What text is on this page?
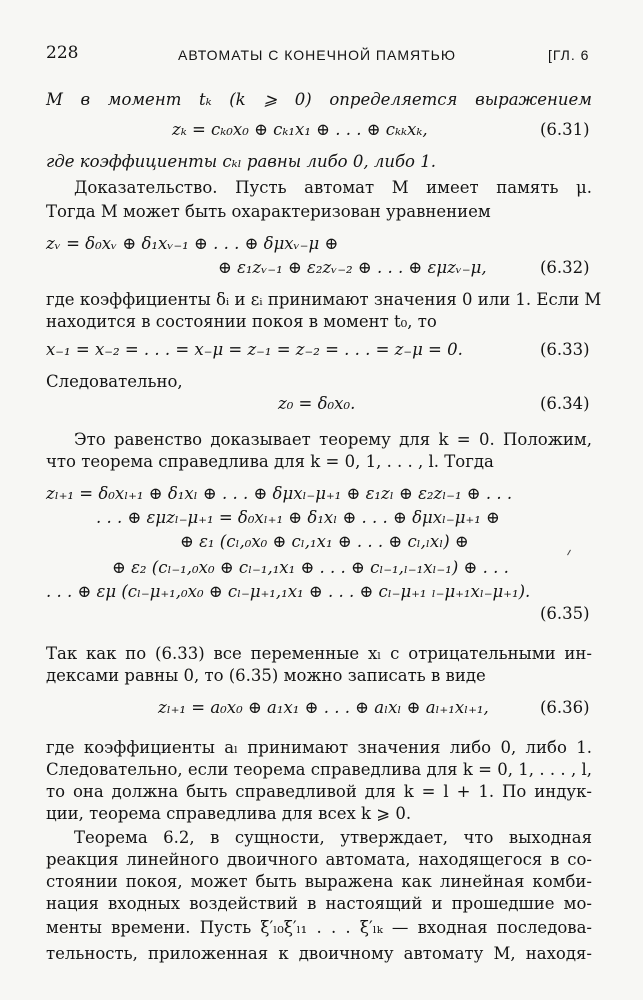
228	АВТОМАТЫ С КОНЕЧНОЙ ПАМЯТЬЮ	[ГЛ. 6
M в момент tₖ (k ⩾ 0) определяется выражением
zₖ = cₖ₀x₀ ⊕ cₖ₁x₁ ⊕ . . . ⊕ cₖₖxₖ,	(6.31)
где коэффициенты cₖₗ равны либо 0, либо 1.
Доказательство. Пусть автомат M имеет память μ.
Тогда M может быть охарактеризован уравнением
zᵥ = δ₀xᵥ ⊕ δ₁xᵥ₋₁ ⊕ . . . ⊕ δμxᵥ₋μ ⊕
⊕ ε₁zᵥ₋₁ ⊕ ε₂zᵥ₋₂ ⊕ . . . ⊕ εμzᵥ₋μ,	(6.32)
где коэффициенты δᵢ и εᵢ принимают значения 0 или 1. Если M
находится в состоянии покоя в момент t₀, то
x₋₁ = x₋₂ = . . . = x₋μ = z₋₁ = z₋₂ = . . . = z₋μ = 0.	(6.33)
Следовательно,
z₀ = δ₀x₀.	(6.34)
Это равенство доказывает теорему для k = 0. Положим,
что теорема справедлива для k = 0, 1, . . . , l. Тогда
zₗ₊₁ = δ₀xₗ₊₁ ⊕ δ₁xₗ ⊕ . . . ⊕ δμxₗ₋μ₊₁ ⊕ ε₁zₗ ⊕ ε₂zₗ₋₁ ⊕ . . .
. . . ⊕ εμzₗ₋μ₊₁ = δ₀xₗ₊₁ ⊕ δ₁xₗ ⊕ . . . ⊕ δμxₗ₋μ₊₁ ⊕
⊕ ε₁ (cₗ,₀x₀ ⊕ cₗ,₁x₁ ⊕ . . . ⊕ cₗ,ₗxₗ) ⊕
⊕ ε₂ (cₗ₋₁,₀x₀ ⊕ cₗ₋₁,₁x₁ ⊕ . . . ⊕ cₗ₋₁,ₗ₋₁xₗ₋₁) ⊕ . . .
. . . ⊕ εμ (cₗ₋μ₊₁,₀x₀ ⊕ cₗ₋μ₊₁,₁x₁ ⊕ . . . ⊕ cₗ₋μ₊₁ ₗ₋μ₊₁xₗ₋μ₊₁).
(6.35)
Так как по (6.33) все переменные xₗ с отрицательными ин-
дексами равны 0, то (6.35) можно записать в виде
zₗ₊₁ = a₀x₀ ⊕ a₁x₁ ⊕ . . . ⊕ aₗxₗ ⊕ aₗ₊₁xₗ₊₁,	(6.36)
где коэффициенты aₗ принимают значения либо 0, либо 1.
Следовательно, если теорема справедлива для k = 0, 1, . . . , l,
то она должна быть справедливой для k = l + 1. По индук-
ции, теорема справедлива для всех k ⩾ 0.
Теорема 6.2, в сущности, утверждает, что выходная
реакция линейного двоичного автомата, находящегося в со-
стоянии покоя, может быть выражена как линейная комби-
нация входных воздействий в настоящий и прошедшие мо-
менты времени. Пусть ξ′ₗ₀ξ′ₗ₁ . . . ξ′ₗₖ — входная последова-
тельность, приложенная к двоичному автомату M, находя-
